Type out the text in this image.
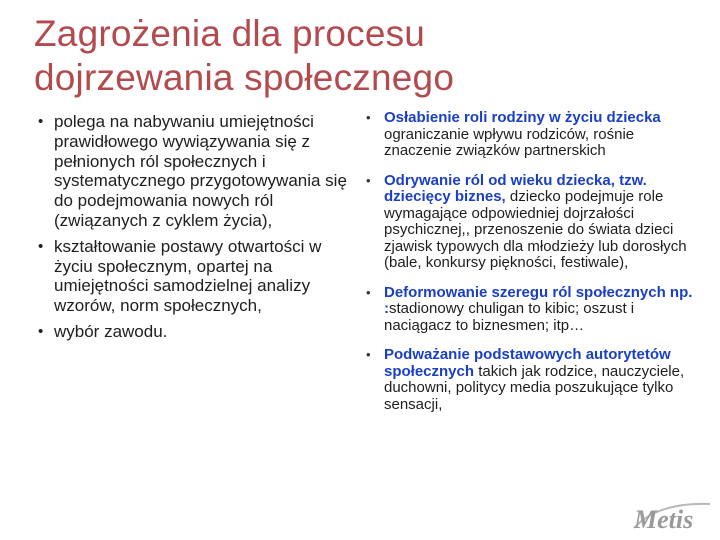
Zagrożenia dla procesu
dojrzewania społecznego
• polega na nabywaniu umiejętności prawidłowego wywiązywania się z pełnionych ról społecznych i systematycznego przygotowywania się do podejmowania nowych ról (związanych z cyklem życia),
• kształtowanie postawy otwartości w życiu społecznym, opartej na umiejętności samodzielnej analizy wzorów, norm społecznych,
• wybór zawodu.
• Osłabienie roli rodziny w życiu dziecka ograniczanie wpływu rodziców, rośnie znaczenie związków partnerskich
• Odrywanie ról od wieku dziecka, tzw. dziecięcy biznes, dziecko podejmuje role wymagające odpowiedniej dojrzałości psychicznej,, przenoszenie do świata dzieci zjawisk typowych dla młodzieży lub dorosłych (bale, konkursy piękności, festiwale),
• Deformowanie szeregu ról społecznych np. :stadionowy chuligan to kibic; oszust i naciągacz to biznesmen; itp…
• Podważanie podstawowych autorytetów społecznych takich jak rodzice, nauczyciele, duchowni, politycy media poszukujące tylko sensacji,
Metis
